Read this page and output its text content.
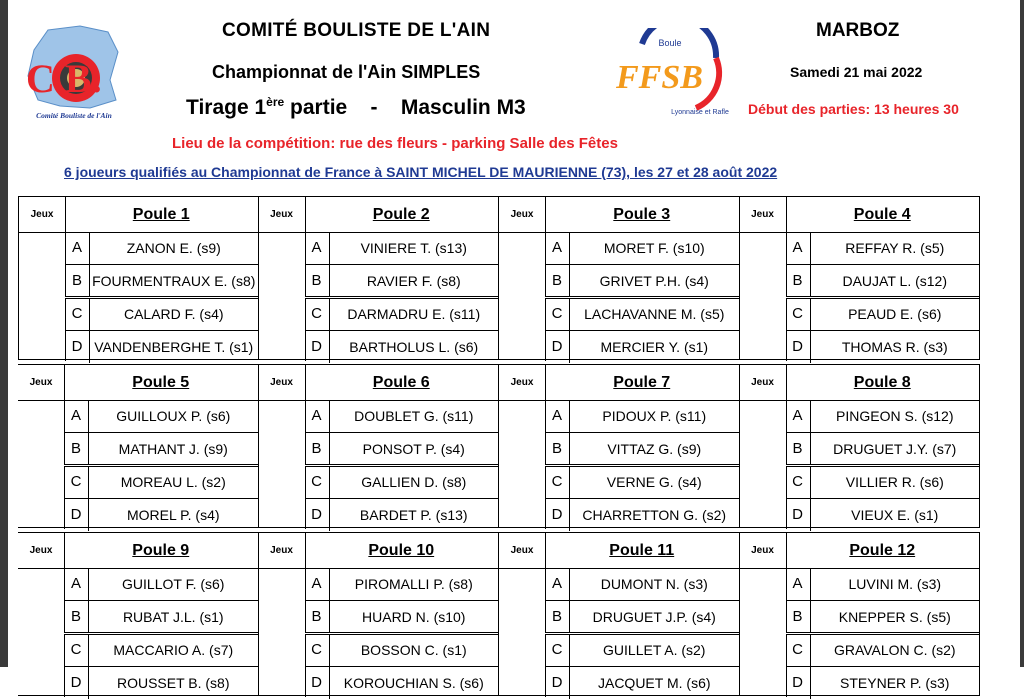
C.B.
Comité Bouliste de l'Ain
Boule
FFSB
Lyonnaise et Rafle
COMITÉ BOULISTE DE L'AIN
Championnat de l'Ain SIMPLES
Tirage 1ère partie    -    Masculin M3
Lieu de la compétition: rue des fleurs - parking Salle des Fêtes
6 joueurs qualifiés au Championnat de France à SAINT MICHEL DE MAURIENNE (73), les 27 et 28 août 2022
MARBOZ
Samedi 21 mai 2022
Début des parties: 13 heures 30
Jeux	Poule 1
A	ZANON E. (s9)
B FOURMENTRAUX E. (s8)
C	CALARD F. (s4)
D VANDENBERGHE T. (s1)
Jeux	Poule 2
A	VINIERE T. (s13)
B	RAVIER F. (s8)
C	DARMADRU E. (s11)
D	BARTHOLUS L. (s6)
Jeux	Poule 3
A	MORET F. (s10)
B	GRIVET P.H. (s4)
C	LACHAVANNE M. (s5)
D	MERCIER Y. (s1)
Jeux	Poule 4
A	REFFAY R. (s5)
B	DAUJAT L. (s12)
C	PEAUD E. (s6)
D	THOMAS R. (s3)
Jeux	Poule 5
A	GUILLOUX P. (s6)
B	MATHANT J. (s9)
C	MOREAU L. (s2)
D	MOREL P. (s4)
Jeux	Poule 6
A	DOUBLET G. (s11)
B	PONSOT P. (s4)
C	GALLIEN D. (s8)
D	BARDET P. (s13)
Jeux	Poule 7
A	PIDOUX P. (s11)
B	VITTAZ G. (s9)
C	VERNE G. (s4)
D	CHARRETTON G. (s2)
Jeux	Poule 8
A	PINGEON S. (s12)
B	DRUGUET J.Y. (s7)
C	VILLIER R. (s6)
D	VIEUX E. (s1)
Jeux	Poule 9
A	GUILLOT F. (s6)
B	RUBAT J.L. (s1)
C	MACCARIO A. (s7)
D	ROUSSET B. (s8)
Jeux	Poule 10
A	PIROMALLI P. (s8)
B	HUARD N. (s10)
C	BOSSON C. (s1)
D	KOROUCHIAN S. (s6)
Jeux	Poule 11
A	DUMONT N. (s3)
B	DRUGUET J.P. (s4)
C	GUILLET A. (s2)
D	JACQUET M. (s6)
Jeux	Poule 12
A	LUVINI M. (s3)
B	KNEPPER S. (s5)
C	GRAVALON C. (s2)
D	STEYNER P. (s3)
